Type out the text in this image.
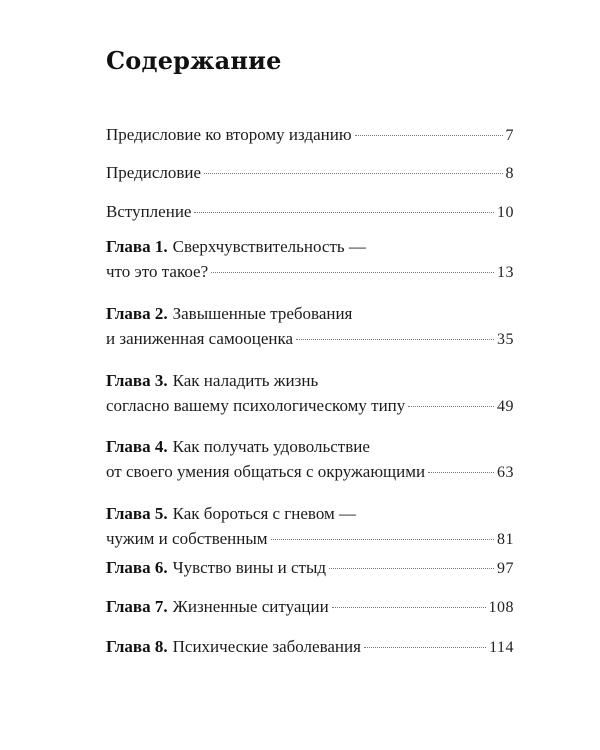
Содержание
Предисловие ко второму изданию	7
Предисловие	8
Вступление	10
Глава 1. Сверхчувствительность —
что это такое?	13
Глава 2. Завышенные требования
и заниженная самооценка	35
Глава 3. Как наладить жизнь
согласно вашему психологическому типу	49
Глава 4. Как получать удовольствие
от своего умения общаться с окружающими	63
Глава 5. Как бороться с гневом —
чужим и собственным	81
Глава 6. Чувство вины и стыд	97
Глава 7. Жизненные ситуации	108
Глава 8. Психические заболевания	114
